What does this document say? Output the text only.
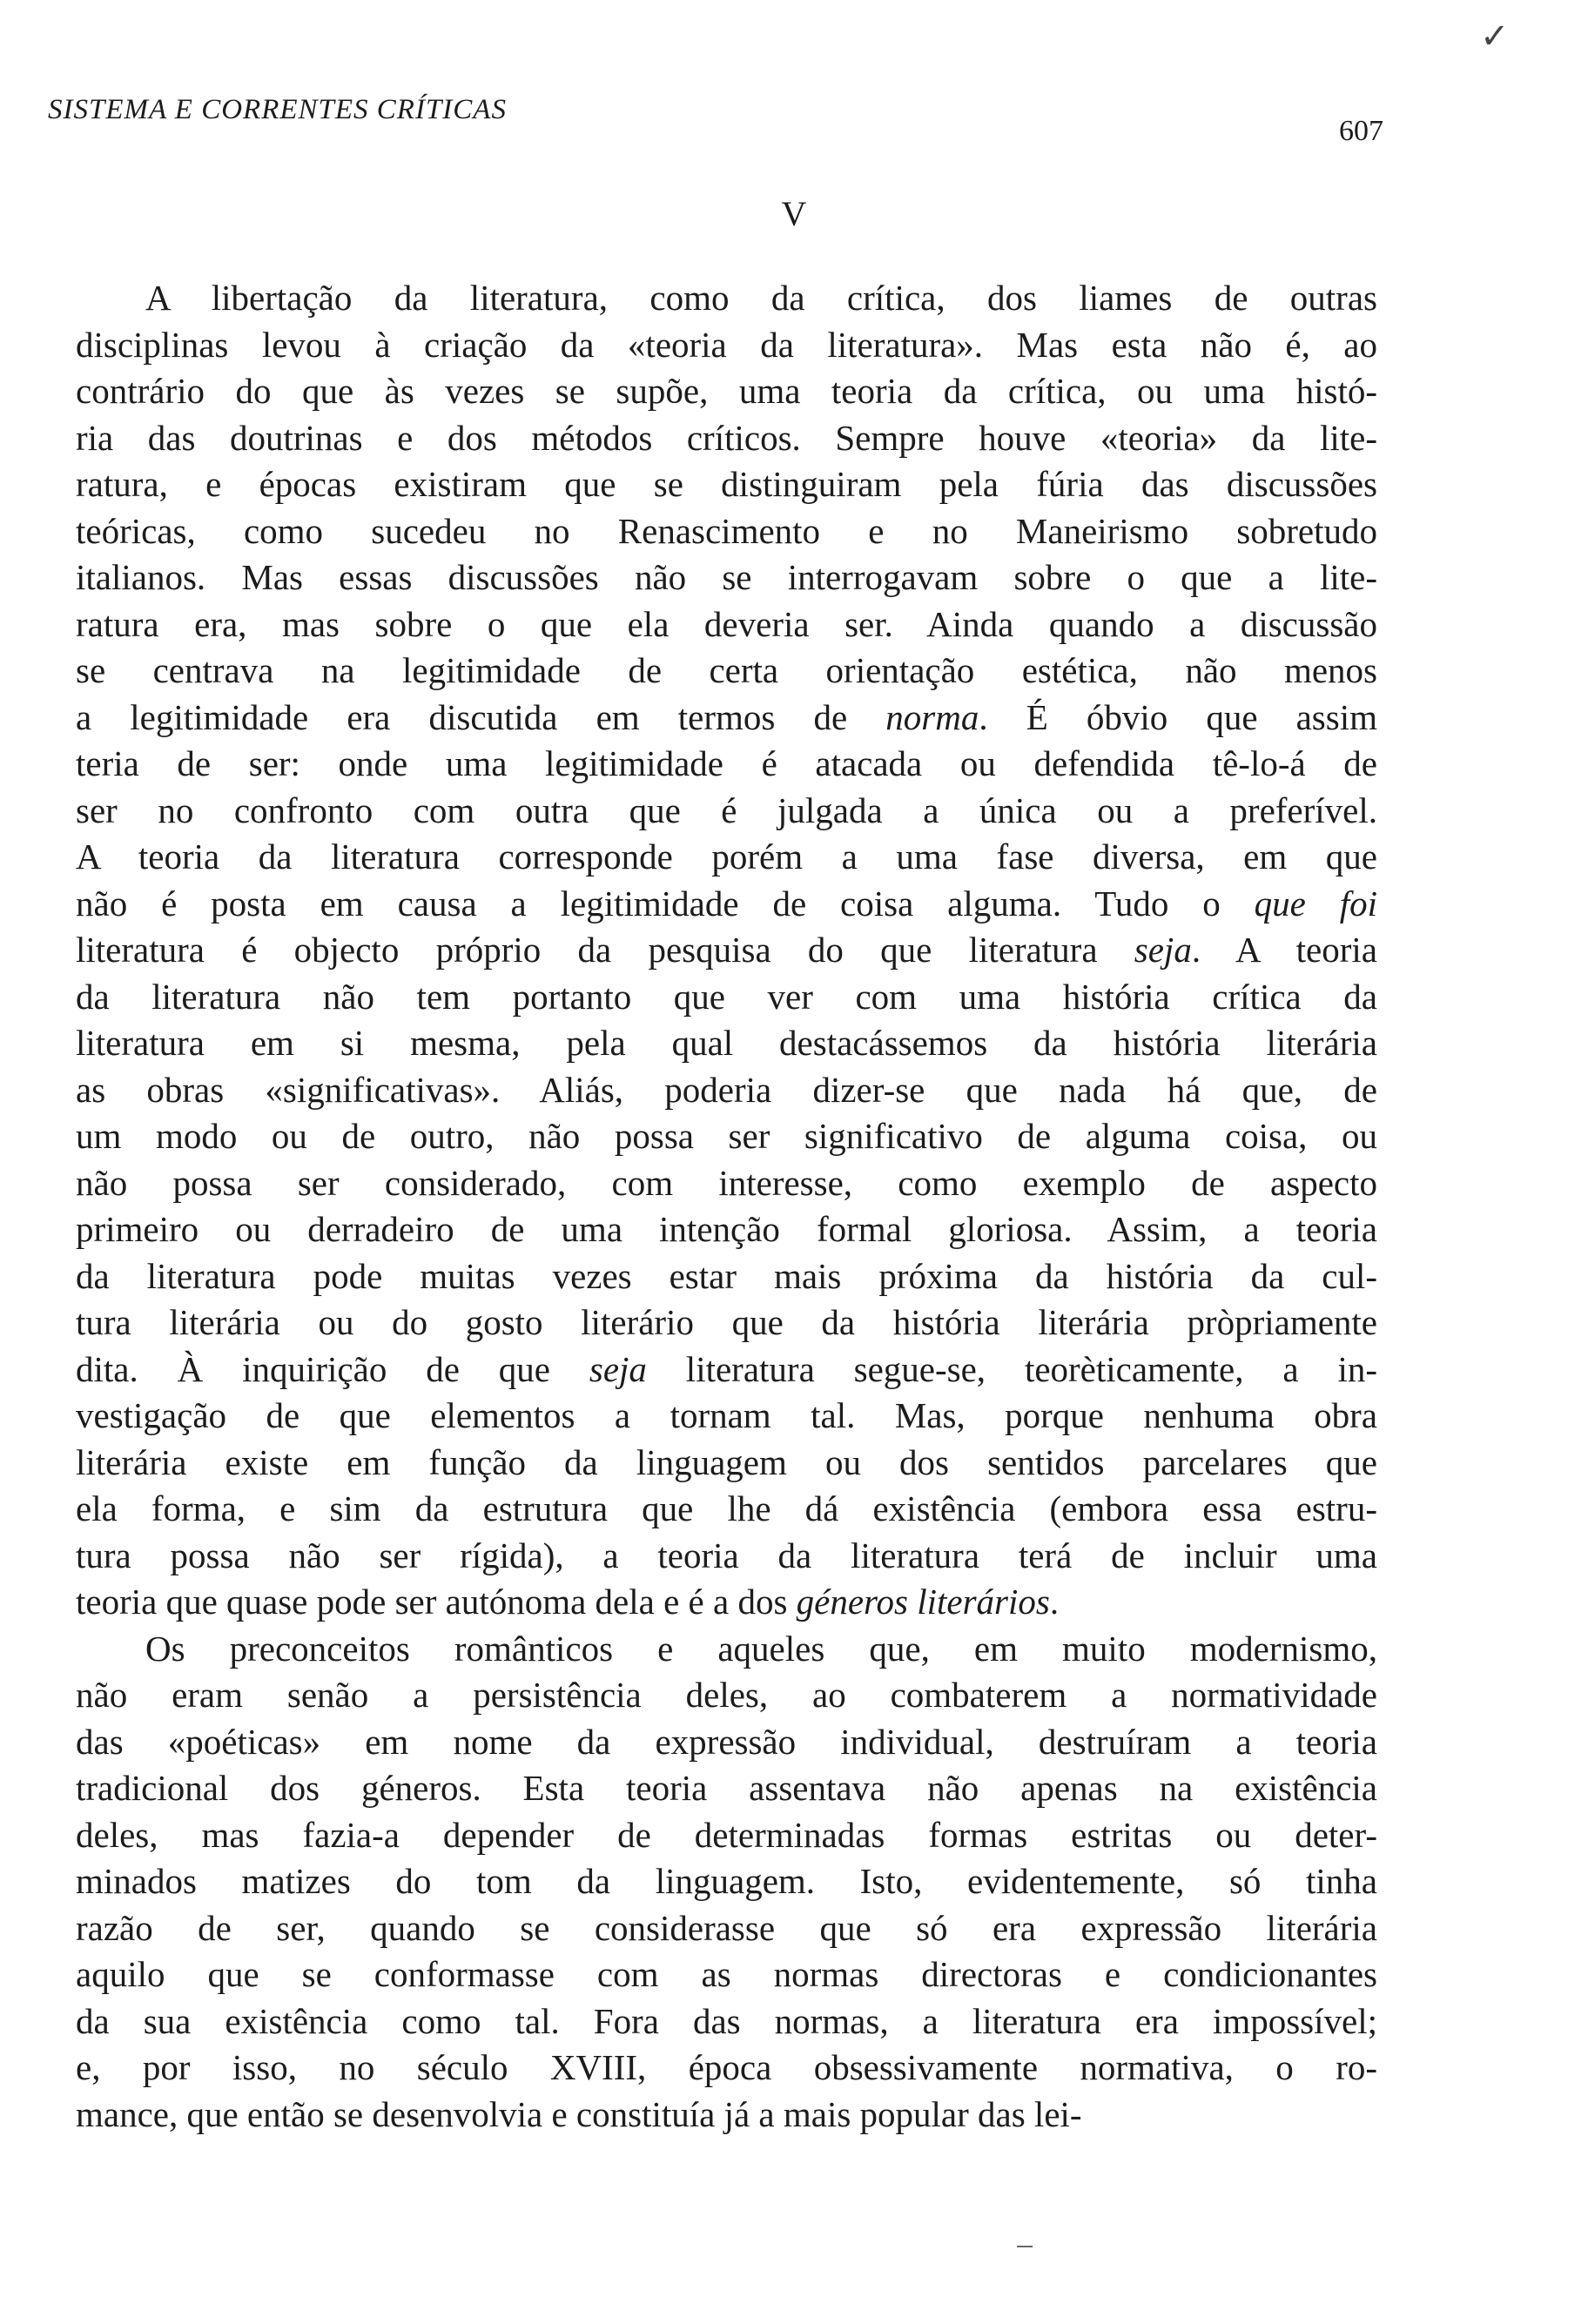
✓
SISTEMA E CORRENTES CRÍTICAS
607
V
A libertação da literatura, como da crítica, dos liames de outras
disciplinas levou à criação da «teoria da literatura». Mas esta não é, ao
contrário do que às vezes se supõe, uma teoria da crítica, ou uma histó-
ria das doutrinas e dos métodos críticos. Sempre houve «teoria» da lite-
ratura, e épocas existiram que se distinguiram pela fúria das discussões
teóricas, como sucedeu no Renascimento e no Maneirismo sobretudo
italianos. Mas essas discussões não se interrogavam sobre o que a lite-
ratura era, mas sobre o que ela deveria ser. Ainda quando a discussão
se centrava na legitimidade de certa orientação estética, não menos
a legitimidade era discutida em termos de norma. É óbvio que assim
teria de ser: onde uma legitimidade é atacada ou defendida tê-lo-á de
ser no confronto com outra que é julgada a única ou a preferível.
A teoria da literatura corresponde porém a uma fase diversa, em que
não é posta em causa a legitimidade de coisa alguma. Tudo o que foi
literatura é objecto próprio da pesquisa do que literatura seja. A teoria
da literatura não tem portanto que ver com uma história crítica da
literatura em si mesma, pela qual destacássemos da história literária
as obras «significativas». Aliás, poderia dizer-se que nada há que, de
um modo ou de outro, não possa ser significativo de alguma coisa, ou
não possa ser considerado, com interesse, como exemplo de aspecto
primeiro ou derradeiro de uma intenção formal gloriosa. Assim, a teoria
da literatura pode muitas vezes estar mais próxima da história da cul-
tura literária ou do gosto literário que da história literária pròpriamente
dita. À inquirição de que seja literatura segue-se, teorèticamente, a in-
vestigação de que elementos a tornam tal. Mas, porque nenhuma obra
literária existe em função da linguagem ou dos sentidos parcelares que
ela forma, e sim da estrutura que lhe dá existência (embora essa estru-
tura possa não ser rígida), a teoria da literatura terá de incluir uma
teoria que quase pode ser autónoma dela e é a dos géneros literários.
Os preconceitos românticos e aqueles que, em muito modernismo,
não eram senão a persistência deles, ao combaterem a normatividade
das «poéticas» em nome da expressão individual, destruíram a teoria
tradicional dos géneros. Esta teoria assentava não apenas na existência
deles, mas fazia-a depender de determinadas formas estritas ou deter-
minados matizes do tom da linguagem. Isto, evidentemente, só tinha
razão de ser, quando se considerasse que só era expressão literária
aquilo que se conformasse com as normas directoras e condicionantes
da sua existência como tal. Fora das normas, a literatura era impossível;
e, por isso, no século XVIII, época obsessivamente normativa, o ro-
mance, que então se desenvolvia e constituía já a mais popular das lei-
